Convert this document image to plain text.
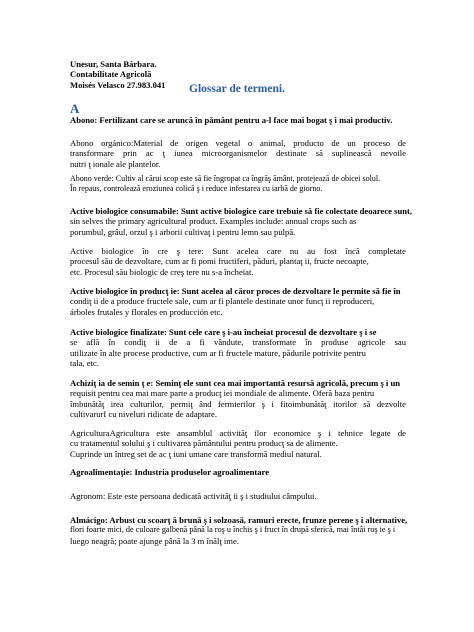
Unesur, Santa Bárbara.
Contabilitate Agricolă
Moisés Velasco 27.983.041	Glossar de termeni.
A
Abono: Fertilizant care se aruncă în pământ pentru a-l face mai bogat ş i mai productiv.
Abono orgánico:Material de origen vegetal o animal, producto de un proceso de
transformare prin ac ţ iunea microorganismelor destinate să suplinească nevoile
nutri ţ ionale ale plantelor.
Abono verde: Cultiv al cărui scop este să fie îngropat ca îngrăş ământ, protejează de obicei solul.
În repaus, controlează eroziunea colică ş i reduce infestarea cu iarbă de giorno.
Active biologice consumabile: Sunt active biologice care trebuie să fie colectate deoarece sunt,
sin selves the primary agricultural product. Examples include: annual crops such as
porumbul, grâul, orzul ş i arborii cultivaţ i pentru lemn sau pulpă.
Active biologice în cre ş tere: Sunt acelea care nu au fost încă completate
procesul său de dezvoltare, cum ar fi pomi fructiferi, păduri, plantaţ ii, fructe necoapte,
etc. Procesul său biologic de creş tere nu s-a încheiat.
Active biologice în producţ ie: Sunt acelea al căror proces de dezvoltare le permite să fie în
condiţ ii de a produce fructele sale, cum ar fi plantele destinate unor funcţ ii reproduceri,
árboles frutales y florales en producción etc.
Active biologice finalizate: Sunt cele care ş i-au încheiat procesul de dezvoltare ş i se
se află în condiţ ii de a fi vândute, transformate în produse agricole sau
utilizate în alte procese productive, cum ar fi fructele mature, pădurile potrivite pentru
tala, etc.
Achiziţ ia de semin ţ e: Seminţ ele sunt cea mai importantă resursă agricolă, precum ş i un
requisit pentru cea mai mare parte a producţ iei mondiale de alimente. Oferă baza pentru
îmbunătăţ irea culturilor, permiţ ând fermierilor ş i fitoimbunătăţ itorilor să dezvolte
cultivarurI cu niveluri ridicate de adaptare.
AgriculturaAgricultura este ansamblul activităţ ilor economice ş i tehnice legate de
cu tratamentul solului ş i cultivarea pământului pentru producţ sa de alimente.
Cuprinde un întreg set de ac ţ iuni umane care transformă mediul natural.
Agroalimentaţie: Industria produselor agroalimentare
Agronom: Este este persoana dedicată activităţ ii ş i studiului câmpului.
Almácigo: Arbust cu scoarţ ă brună ş i solzoasă, ramuri erecte, frunze perene ş i alternative,
flori foarte mici, de culoare galbenă până la roş u închis ş i fruct în drupă sferică, mai întâi roş ie ş i
luego neagră; poate ajunge până la 3 m înălţ ime.
